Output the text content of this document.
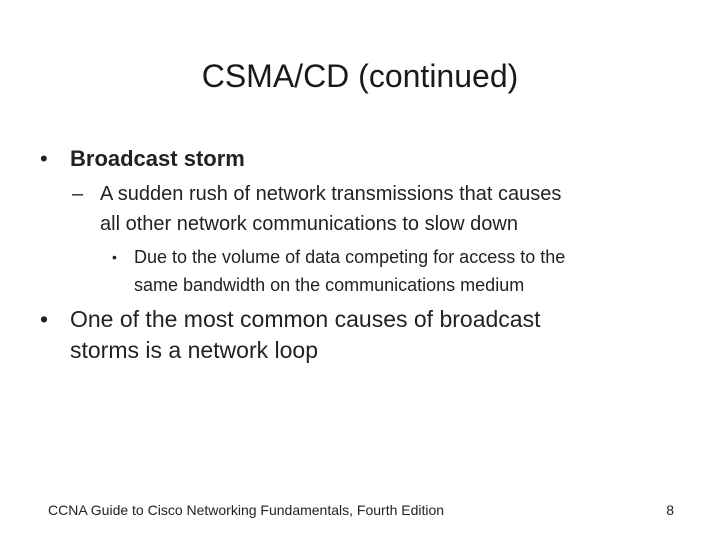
CSMA/CD (continued)
•	Broadcast storm
– A sudden rush of network transmissions that causes
all other network communications to slow down
• Due to the volume of data competing for access to the
same bandwidth on the communications medium
• One of the most common causes of broadcast
storms is a network loop
CCNA Guide to Cisco Networking Fundamentals, Fourth Edition	8
